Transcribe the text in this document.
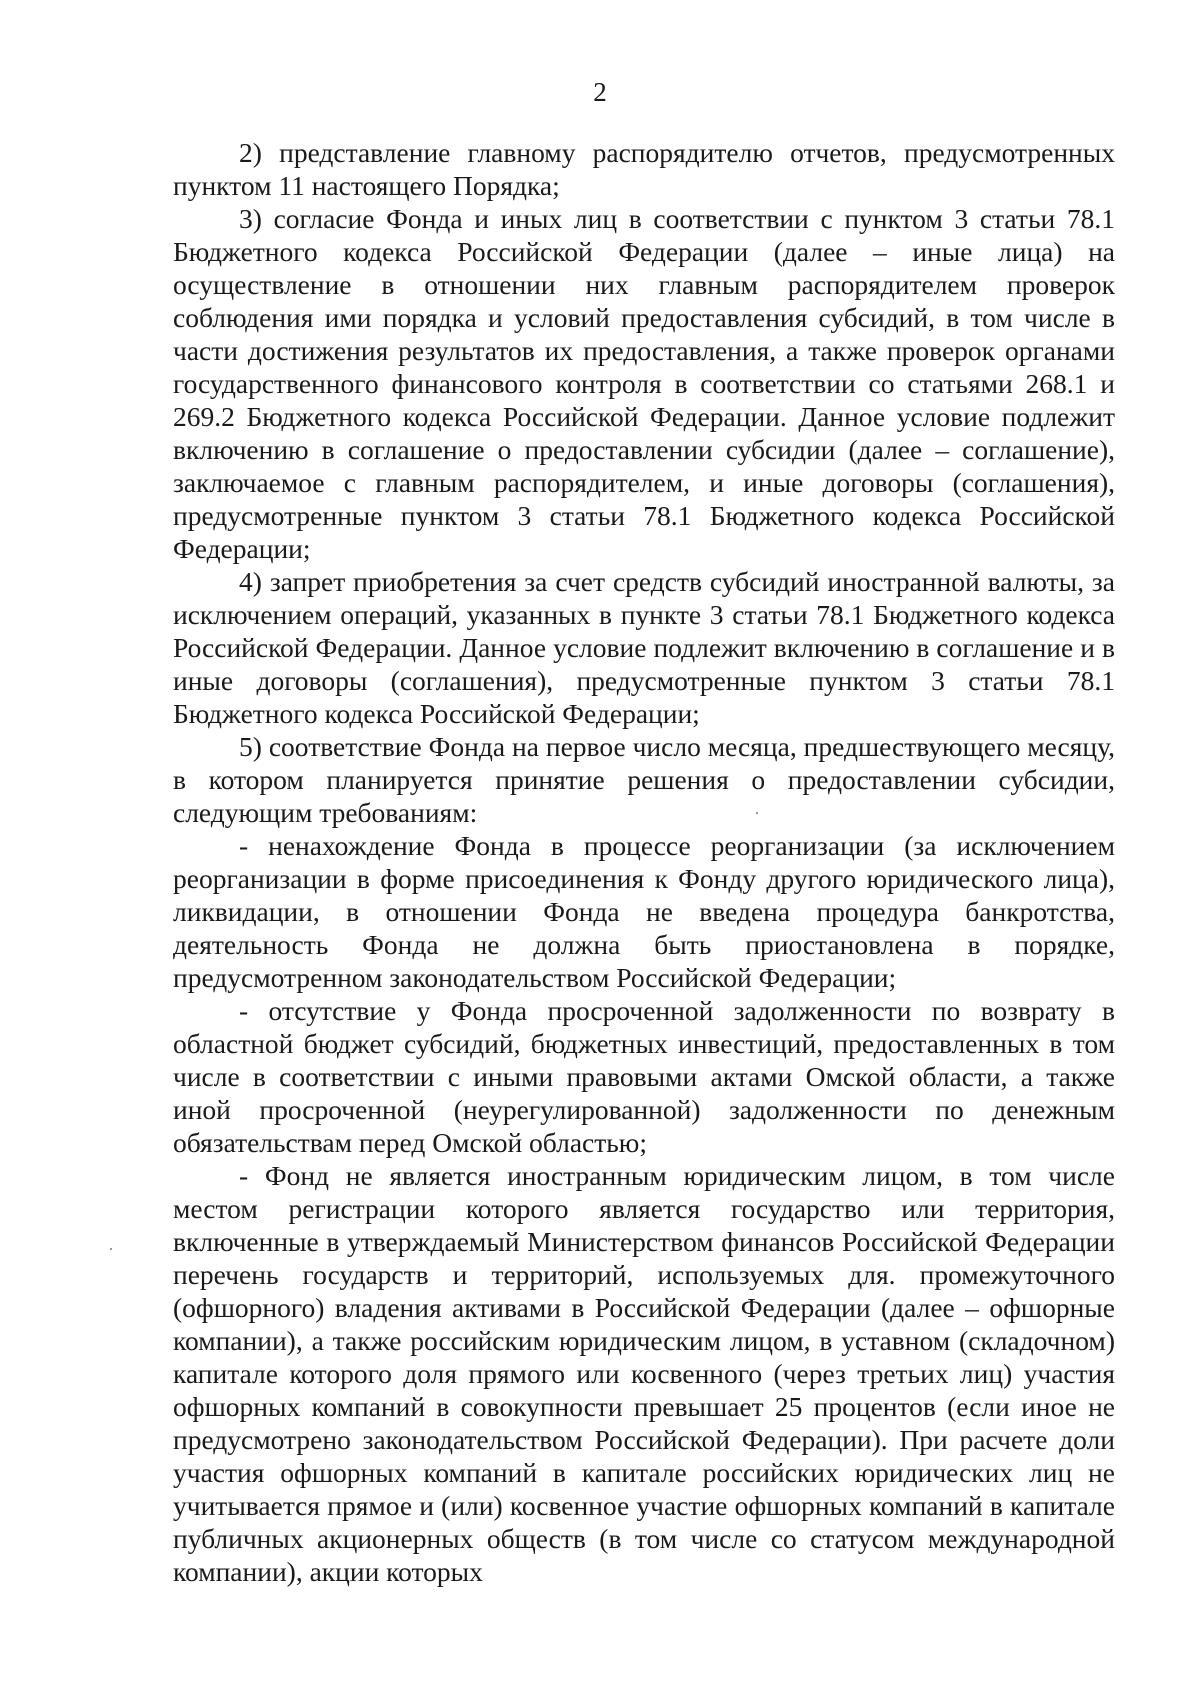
2

2) представление главному распорядителю отчетов, предусмотренных пунктом 11 настоящего Порядка;

3) согласие Фонда и иных лиц в соответствии с пунктом 3 статьи 78.1 Бюджетного кодекса Российской Федерации (далее – иные лица) на осуществление в отношении них главным распорядителем проверок соблюдения ими порядка и условий предоставления субсидий, в том числе в части достижения результатов их предоставления, а также проверок органами государственного финансового контроля в соответствии со статьями 268.1 и 269.2 Бюджетного кодекса Российской Федерации. Данное условие подлежит включению в соглашение о предоставлении субсидии (далее – соглашение), заключаемое с главным распорядителем, и иные договоры (соглашения), предусмотренные пунктом 3 статьи 78.1 Бюджетного кодекса Российской Федерации;

4) запрет приобретения за счет средств субсидий иностранной валюты, за исключением операций, указанных в пункте 3 статьи 78.1 Бюджетного кодекса Российской Федерации. Данное условие подлежит включению в соглашение и в иные договоры (соглашения), предусмотренные пунктом 3 статьи 78.1 Бюджетного кодекса Российской Федерации;

5) соответствие Фонда на первое число месяца, предшествующего месяцу, в котором планируется принятие решения о предоставлении субсидии, следующим требованиям:

- ненахождение Фонда в процессе реорганизации (за исключением реорганизации в форме присоединения к Фонду другого юридического лица), ликвидации, в отношении Фонда не введена процедура банкротства, деятельность Фонда не должна быть приостановлена в порядке, предусмотренном законодательством Российской Федерации;

- отсутствие у Фонда просроченной задолженности по возврату в областной бюджет субсидий, бюджетных инвестиций, предоставленных в том числе в соответствии с иными правовыми актами Омской области, а также иной просроченной (неурегулированной) задолженности по денежным обязательствам перед Омской областью;

- Фонд не является иностранным юридическим лицом, в том числе местом регистрации которого является государство или территория, включенные в утверждаемый Министерством финансов Российской Федерации перечень государств и территорий, используемых для. промежуточного (офшорного) владения активами в Российской Федерации (далее – офшорные компании), а также российским юридическим лицом, в уставном (складочном) капитале которого доля прямого или косвенного (через третьих лиц) участия офшорных компаний в совокупности превышает 25 процентов (если иное не предусмотрено законодательством Российской Федерации). При расчете доли участия офшорных компаний в капитале российских юридических лиц не учитывается прямое и (или) косвенное участие офшорных компаний в капитале публичных акционерных обществ (в том числе со статусом международной компании), акции которых
